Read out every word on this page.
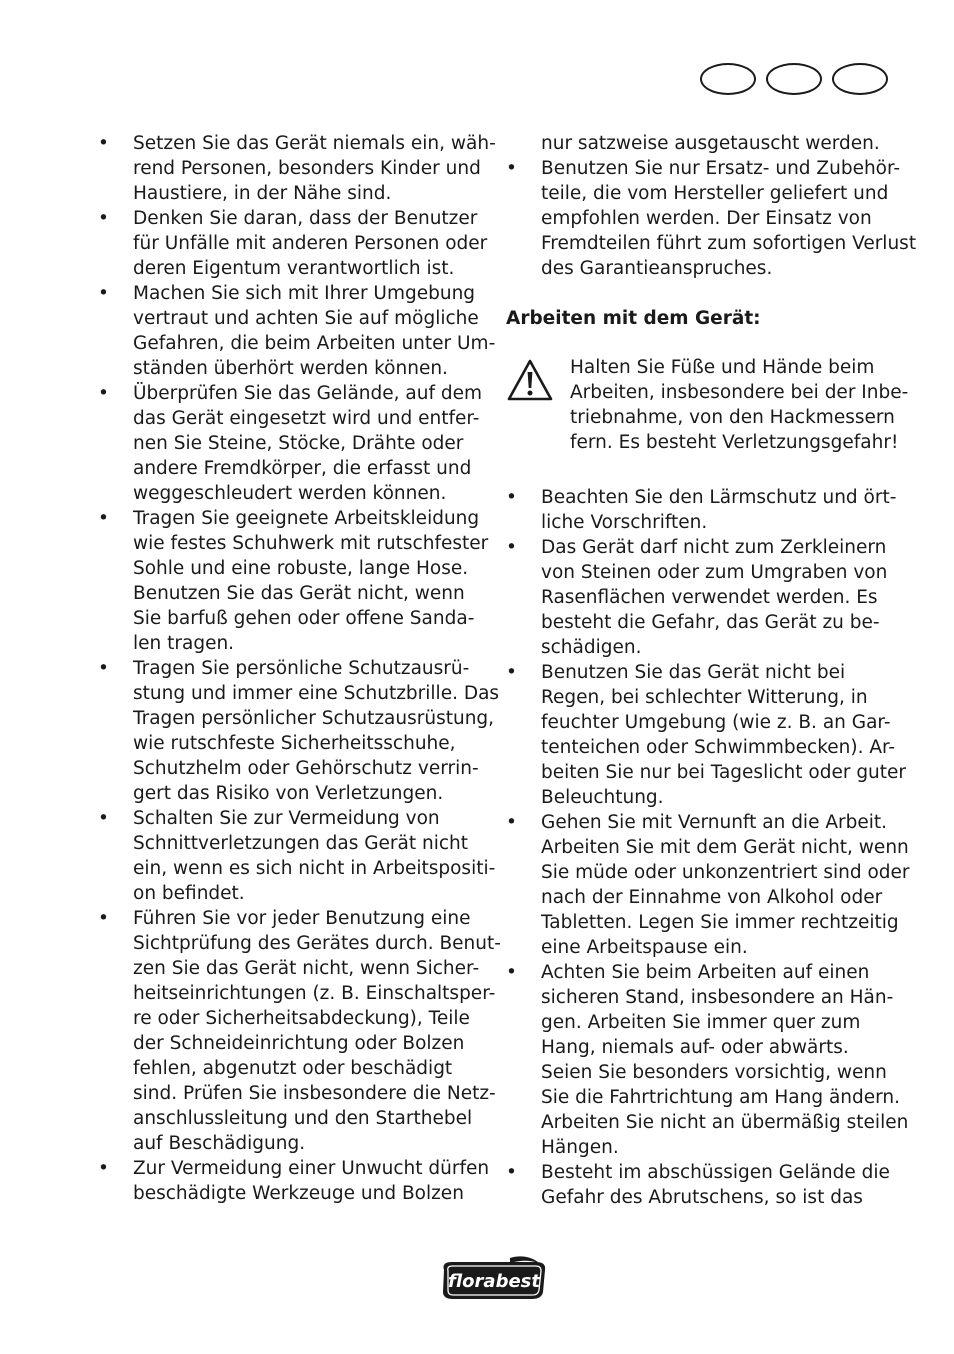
• Setzen Sie das Gerät niemals ein, wäh-
rend Personen, besonders Kinder und
Haustiere, in der Nähe sind.
• Denken Sie daran, dass der Benutzer
für Unfälle mit anderen Personen oder
deren Eigentum verantwortlich ist.
• Machen Sie sich mit Ihrer Umgebung
vertraut und achten Sie auf mögliche
Gefahren, die beim Arbeiten unter Um-
ständen überhört werden können.
• Überprüfen Sie das Gelände, auf dem
das Gerät eingesetzt wird und entfer-
nen Sie Steine, Stöcke, Drähte oder
andere Fremdkörper, die erfasst und
weggeschleudert werden können.
• Tragen Sie geeignete Arbeitskleidung
wie festes Schuhwerk mit rutschfester
Sohle und eine robuste, lange Hose.
Benutzen Sie das Gerät nicht, wenn
Sie barfuß gehen oder offene Sanda-
len tragen.
• Tragen Sie persönliche Schutzausrü-
stung und immer eine Schutzbrille. Das
Tragen persönlicher Schutzausrüstung,
wie rutschfeste Sicherheitsschuhe,
Schutzhelm oder Gehörschutz verrin-
gert das Risiko von Verletzungen.
• Schalten Sie zur Vermeidung von
Schnittverletzungen das Gerät nicht
ein, wenn es sich nicht in Arbeitspositi-
on befindet.
• Führen Sie vor jeder Benutzung eine
Sichtprüfung des Gerätes durch. Benut-
zen Sie das Gerät nicht, wenn Sicher-
heitseinrichtungen (z. B. Einschaltsper-
re oder Sicherheitsabdeckung), Teile
der Schneideinrichtung oder Bolzen
fehlen, abgenutzt oder beschädigt
sind. Prüfen Sie insbesondere die Netz-
anschlussleitung und den Starthebel
auf Beschädigung.
• Zur Vermeidung einer Unwucht dürfen
beschädigte Werkzeuge und Bolzen
nur satzweise ausgetauscht werden.
• Benutzen Sie nur Ersatz- und Zubehör-
teile, die vom Hersteller geliefert und
empfohlen werden. Der Einsatz von
Fremdteilen führt zum sofortigen Verlust
des Garantieanspruches.
Arbeiten mit dem Gerät:
Halten Sie Füße und Hände beim
Arbeiten, insbesondere bei der Inbe-
triebnahme, von den Hackmessern
fern. Es besteht Verletzungsgefahr!
• Beachten Sie den Lärmschutz und ört-
liche Vorschriften.
• Das Gerät darf nicht zum Zerkleinern
von Steinen oder zum Umgraben von
Rasenflächen verwendet werden. Es
besteht die Gefahr, das Gerät zu be-
schädigen.
• Benutzen Sie das Gerät nicht bei
Regen, bei schlechter Witterung, in
feuchter Umgebung (wie z. B. an Gar-
tenteichen oder Schwimmbecken). Ar-
beiten Sie nur bei Tageslicht oder guter
Beleuchtung.
• Gehen Sie mit Vernunft an die Arbeit.
Arbeiten Sie mit dem Gerät nicht, wenn
Sie müde oder unkonzentriert sind oder
nach der Einnahme von Alkohol oder
Tabletten. Legen Sie immer rechtzeitig
eine Arbeitspause ein.
• Achten Sie beim Arbeiten auf einen
sicheren Stand, insbesondere an Hän-
gen. Arbeiten Sie immer quer zum
Hang, niemals auf- oder abwärts.
Seien Sie besonders vorsichtig, wenn
Sie die Fahrtrichtung am Hang ändern.
Arbeiten Sie nicht an übermäßig steilen
Hängen.
• Besteht im abschüssigen Gelände die
Gefahr des Abrutschens, so ist das
florabest
